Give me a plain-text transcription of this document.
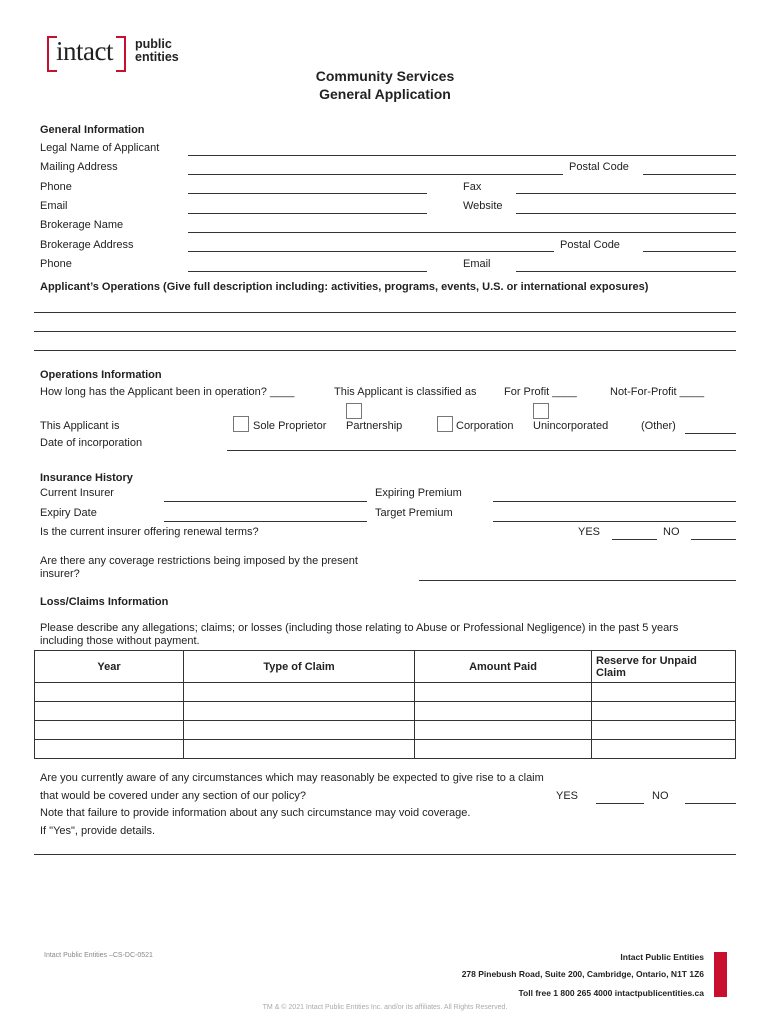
intact public
entities
Community Services
General Application
General Information
Legal Name of Applicant
Mailing Address	Postal Code
Phone	Fax
Email	Website
Brokerage Name
Brokerage Address	Postal Code
Phone	Email
Applicant’s Operations (Give full description including: activities, programs, events, U.S. or international exposures)
Operations Information
How long has the Applicant been in operation? ____	This Applicant is classified as	For Profit ____	Not-For-Profit ____
This Applicant is	Sole Proprietor Partnership	Corporation Unincorporated	(Other)
Date of incorporation
Insurance History
Current Insurer	Expiring Premium
Expiry Date	Target Premium
Is the current insurer offering renewal terms?	YES	NO
Are there any coverage restrictions being imposed by the present
insurer?
Loss/Claims Information
Please describe any allegations; claims; or losses (including those relating to Abuse or Professional Negligence) in the past 5 years
including those without payment.
Year	Type of Claim	Amount Paid	Reserve for Unpaid
Claim

Are you currently aware of any circumstances which may reasonably be expected to give rise to a claim
that would be covered under any section of our policy?	YES	NO
Note that failure to provide information about any such circumstance may void coverage.
If "Yes", provide details.
Intact Public Entities –CS-DC-0521	Intact Public Entities
278 Pinebush Road, Suite 200, Cambridge, Ontario, N1T 1Z6
Toll free 1 800 265 4000 intactpublicentities.ca
TM & © 2021 Intact Public Entities Inc. and/or its affiliates. All Rights Reserved.
